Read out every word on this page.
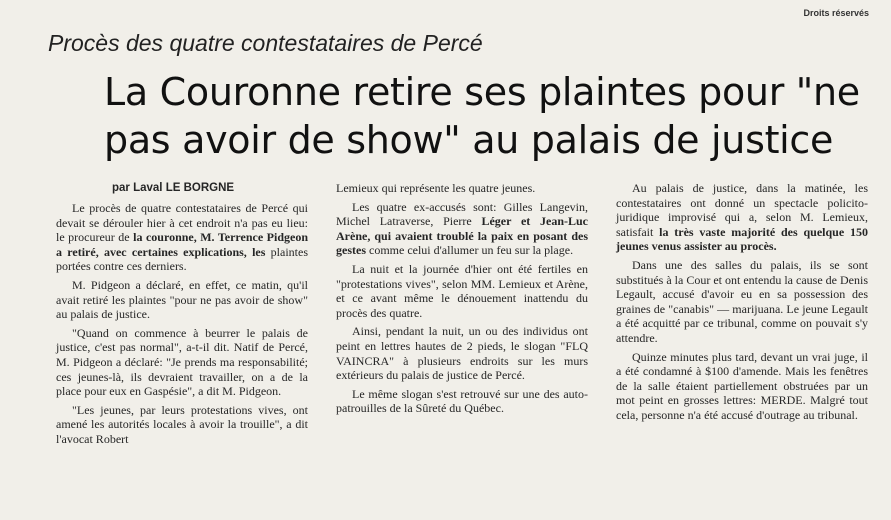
Droits réservés
Procès des quatre contestataires de Percé
La Couronne retire ses plaintes pour "ne
pas avoir de show" au palais de justice
par Laval LE BORGNE

Le procès de quatre contestataires de Percé qui devait se dérouler hier à cet endroit n'a pas eu lieu: le procureur de la couronne, M. Terrence Pidgeon a retiré, avec certaines explications, les plaintes portées contre ces derniers.

M. Pidgeon a déclaré, en effet, ce matin, qu'il avait retiré les plaintes "pour ne pas avoir de show" au palais de justice.

"Quand on commence à beurrer le palais de justice, c'est pas normal", a-t-il dit. Natif de Percé, M. Pidgeon a déclaré: "Je prends ma responsabilité; ces jeunes-là, ils devraient travailler, on a de la place pour eux en Gaspésie", a dit M. Pidgeon.

"Les jeunes, par leurs protestations vives, ont amené les autorités locales à avoir la trouille", a dit l'avocat Robert

Lemieux qui représente les quatre jeunes.

Les quatre ex-accusés sont: Gilles Langevin, Michel Latraverse, Pierre Léger et Jean-Luc Arène, qui avaient troublé la paix en posant des gestes comme celui d'allumer un feu sur la plage.

La nuit et la journée d'hier ont été fertiles en "protestations vives", selon MM. Lemieux et Arène, et ce avant même le dénouement inattendu du procès des quatre.

Ainsi, pendant la nuit, un ou des individus ont peint en lettres hautes de 2 pieds, le slogan "FLQ VAINCRA" à plusieurs endroits sur les murs extérieurs du palais de justice de Percé.

Le même slogan s'est retrouvé sur une des auto-patrouilles de la Sûreté du Québec.

Au palais de justice, dans la matinée, les contestataires ont donné un spectacle policito-juridique improvisé qui a, selon M. Lemieux, satisfait la très vaste majorité des quelque 150 jeunes venus assister au procès.

Dans une des salles du palais, ils se sont substitués à la Cour et ont entendu la cause de Denis Legault, accusé d'avoir eu en sa possession des graines de "canabis" — marijuana. Le jeune Legault a été acquitté par ce tribunal, comme on pouvait s'y attendre.

Quinze minutes plus tard, devant un vrai juge, il a été condamné à $100 d'amende. Mais les fenêtres de la salle étaient partiellement obstruées par un mot peint en grosses lettres: MERDE. Malgré tout cela, personne n'a été accusé d'outrage au tribunal.
